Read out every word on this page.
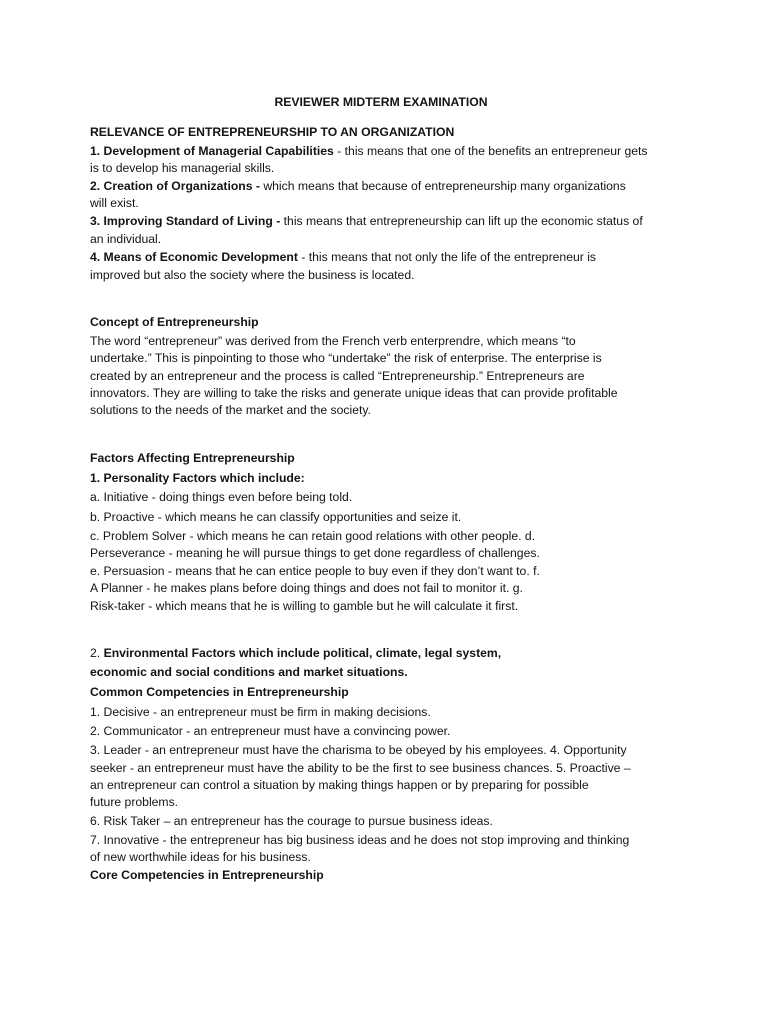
REVIEWER MIDTERM EXAMINATION
RELEVANCE OF ENTREPRENEURSHIP TO AN ORGANIZATION
1. Development of Managerial Capabilities - this means that one of the benefits an entrepreneur gets
is to develop his managerial skills.
2. Creation of Organizations - which means that because of entrepreneurship many organizations
will exist.
3. Improving Standard of Living - this means that entrepreneurship can lift up the economic status of
an individual.
4. Means of Economic Development - this means that not only the life of the entrepreneur is
improved but also the society where the business is located.
Concept of Entrepreneurship
The word “entrepreneur” was derived from the French verb enterprendre, which means “to
undertake.” This is pinpointing to those who “undertake” the risk of enterprise. The enterprise is
created by an entrepreneur and the process is called “Entrepreneurship.” Entrepreneurs are
innovators. They are willing to take the risks and generate unique ideas that can provide profitable
solutions to the needs of the market and the society.
Factors Affecting Entrepreneurship
1. Personality Factors which include:
a. Initiative - doing things even before being told.
b. Proactive - which means he can classify opportunities and seize it.
c. Problem Solver - which means he can retain good relations with other people. d.
Perseverance - meaning he will pursue things to get done regardless of challenges.
e. Persuasion - means that he can entice people to buy even if they don’t want to. f.
A Planner - he makes plans before doing things and does not fail to monitor it. g.
Risk-taker - which means that he is willing to gamble but he will calculate it first.
2. Environmental Factors which include political, climate, legal system,
economic and social conditions and market situations.
Common Competencies in Entrepreneurship
1. Decisive - an entrepreneur must be firm in making decisions.
2. Communicator - an entrepreneur must have a convincing power.
3. Leader - an entrepreneur must have the charisma to be obeyed by his employees. 4. Opportunity
seeker - an entrepreneur must have the ability to be the first to see business chances. 5. Proactive –
an entrepreneur can control a situation by making things happen or by preparing for possible
future problems.
6. Risk Taker – an entrepreneur has the courage to pursue business ideas.
7. Innovative - the entrepreneur has big business ideas and he does not stop improving and thinking
of new worthwhile ideas for his business.
Core Competencies in Entrepreneurship
